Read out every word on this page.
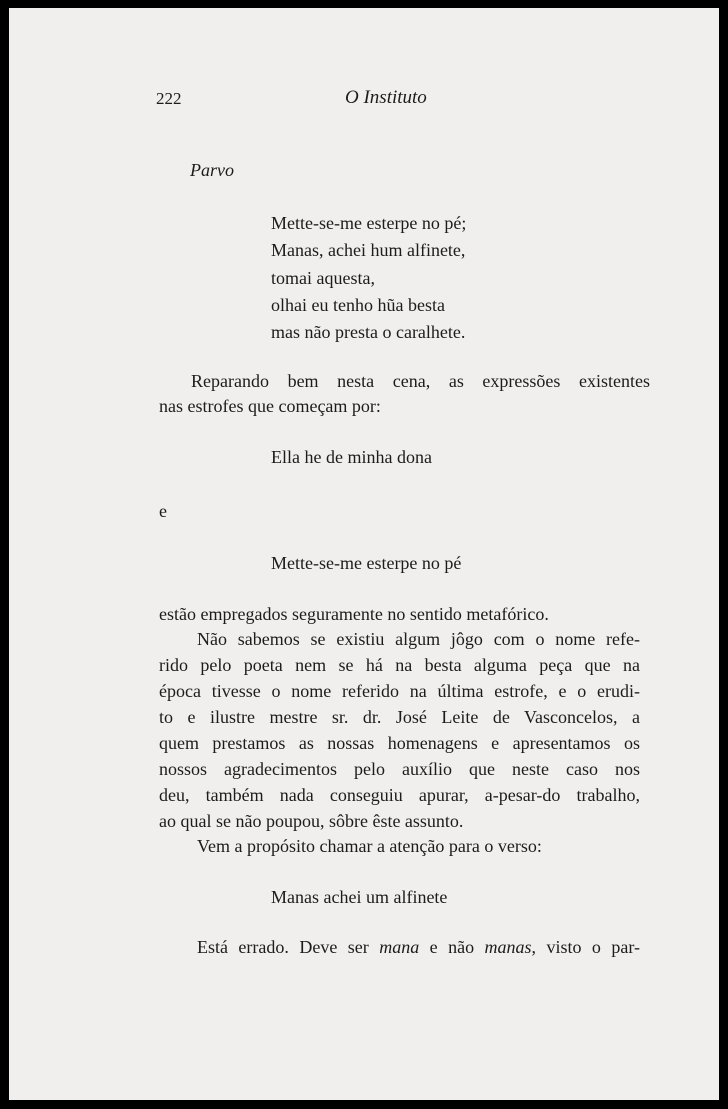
222	O Instituto
Parvo
Mette-se-me esterpe no pé;
Manas, achei hum alfinete,
tomai aquesta,
olhai eu tenho hũa besta
mas não presta o caralhete.
Reparando bem nesta cena, as expressões existentes
nas estrofes que começam por:
Ella he de minha dona
e
Mette-se-me esterpe no pé
estão empregados seguramente no sentido metafórico.
Não sabemos se existiu algum jôgo com o nome refe-
rido pelo poeta nem se há na besta alguma peça que na
época tivesse o nome referido na última estrofe, e o erudi-
to e ilustre mestre sr. dr. José Leite de Vasconcelos, a
quem prestamos as nossas homenagens e apresentamos os
nossos agradecimentos pelo auxílio que neste caso nos
deu, também nada conseguiu apurar, a-pesar-do trabalho,
ao qual se não poupou, sôbre êste assunto.
Vem a propósito chamar a atenção para o verso:
Manas achei um alfinete
Está errado. Deve ser mana e não manas, visto o par-
